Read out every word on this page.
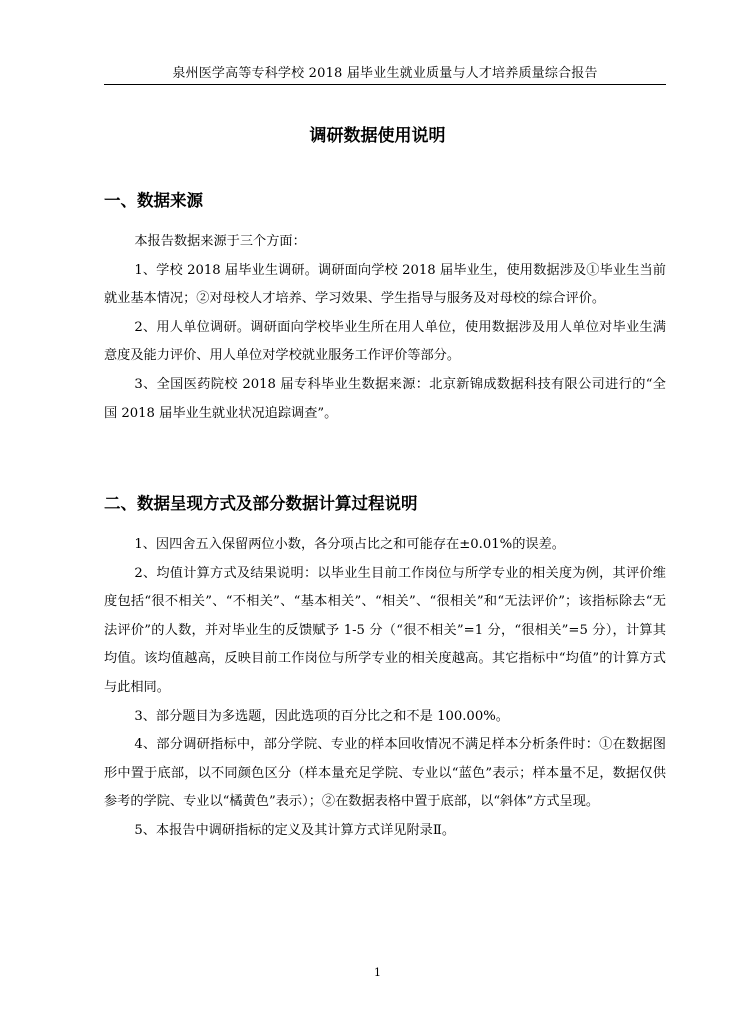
泉州医学高等专科学校 2018 届毕业生就业质量与人才培养质量综合报告
调研数据使用说明
一、数据来源

本报告数据来源于三个方面：

1、学校 2018 届毕业生调研。调研面向学校 2018 届毕业生，使用数据涉及①毕业生当前就业基本情况；②对母校人才培养、学习效果、学生指导与服务及对母校的综合评价。

2、用人单位调研。调研面向学校毕业生所在用人单位，使用数据涉及用人单位对毕业生满意度及能力评价、用人单位对学校就业服务工作评价等部分。

3、全国医药院校 2018 届专科毕业生数据来源：北京新锦成数据科技有限公司进行的“全国 2018 届毕业生就业状况追踪调查”。

二、数据呈现方式及部分数据计算过程说明

1、因四舍五入保留两位小数，各分项占比之和可能存在±0.01%的误差。

2、均值计算方式及结果说明：以毕业生目前工作岗位与所学专业的相关度为例，其评价维度包括“很不相关”、“不相关”、“基本相关”、“相关”、“很相关”和“无法评价”；该指标除去“无法评价”的人数，并对毕业生的反馈赋予 1-5 分（“很不相关”=1 分，“很相关”=5 分），计算其均值。该均值越高，反映目前工作岗位与所学专业的相关度越高。其它指标中“均值”的计算方式与此相同。

3、部分题目为多选题，因此选项的百分比之和不是 100.00%。

4、部分调研指标中，部分学院、专业的样本回收情况不满足样本分析条件时：①在数据图形中置于底部，以不同颜色区分（样本量充足学院、专业以“蓝色”表示；样本量不足，数据仅供参考的学院、专业以“橘黄色”表示）；②在数据表格中置于底部，以“斜体”方式呈现。

5、本报告中调研指标的定义及其计算方式详见附录Ⅱ。

1
